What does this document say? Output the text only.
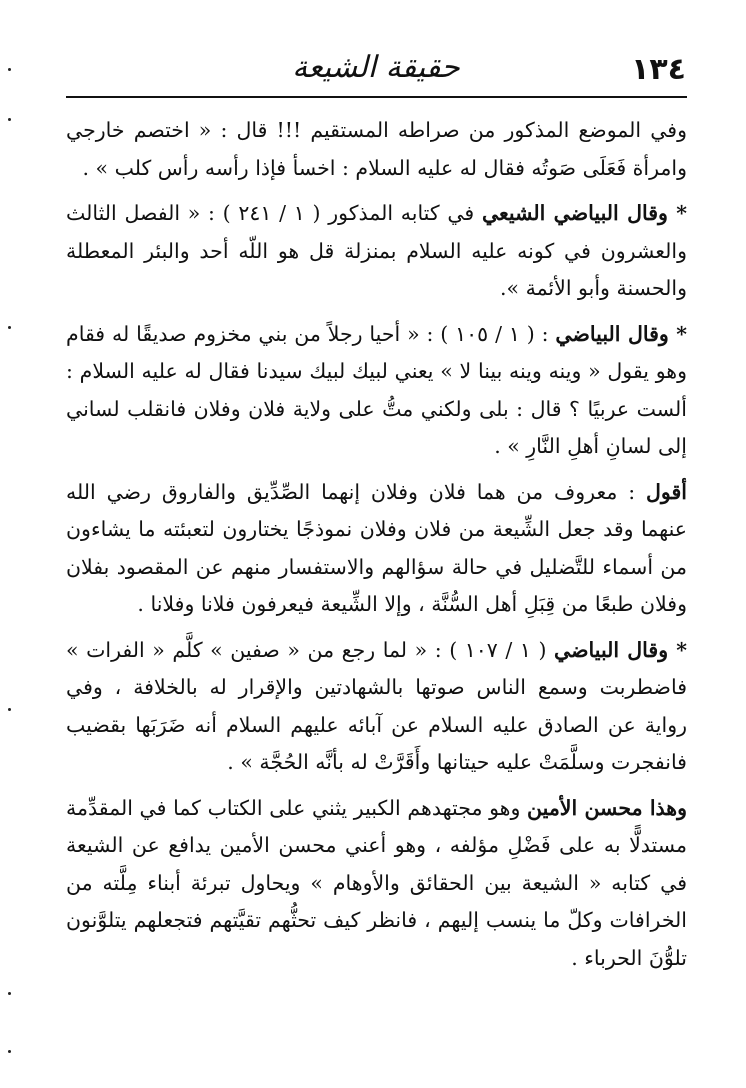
١٣٤
حقيقة الشيعة

وفي الموضع المذكور من صراطه المستقيم !!! قال : « اختصم خارجي وامرأة فَعَلَى صَوتُه فقال له عليه السلام : اخسأ فإذا رأسه رأس كلب » .

* وقال البياضي الشيعي في كتابه المذكور ( ١ / ٢٤١ ) : « الفصل الثالث والعشرون في كونه عليه السلام بمنزلة قل هو اللّه أحد والبئر المعطلة والحسنة وأبو الأئمة ».

* وقال البياضي : ( ١ / ١٠٥ ) : « أحيا رجلاً من بني مخزوم صديقًا له فقام وهو يقول « وينه وينه بينا لا » يعني لبيك لبيك سيدنا فقال له عليه السلام : ألست عربيًا ؟ قال : بلى ولكني متُّ على ولاية فلان وفلان فانقلب لساني إلى لسانِ أهلِ النَّارِ » .

أقول : معروف من هما فلان وفلان إنهما الصِّدِّيق والفاروق رضي الله عنهما وقد جعل الشِّيعة من فلان وفلان نموذجًا يختارون لتعبئته ما يشاءون من أسماء للتَّضليل في حالة سؤالهم والاستفسار منهم عن المقصود بفلان وفلان طبعًا من قِبَلِ أهل السُّنَّة ، وإلا الشِّيعة فيعرفون فلانا وفلانا .

* وقال البياضي ( ١ / ١٠٧ ) : « لما رجع من « صفين » كلَّم « الفرات » فاضطربت وسمع الناس صوتها بالشهادتين والإقرار له بالخلافة ، وفي رواية عن الصادق عليه السلام عن آبائه عليهم السلام أنه ضَرَبَها بقضيب فانفجرت وسلَّمَتْ عليه حيتانها وأَقَرَّتْ له بأنَّه الحُجَّة » .

وهذا محسن الأمين وهو مجتهدهم الكبير يثني على الكتاب كما في المقدِّمة مستدلًّا به على فَضْلِ مؤلفه ، وهو أعني محسن الأمين يدافع عن الشيعة في كتابه « الشيعة بين الحقائق والأوهام » ويحاول تبرئة أبناء مِلَّته من الخرافات وكلّ ما ينسب إليهم ، فانظر كيف تحثُّهم تقيَّتهم فتجعلهم يتلوَّنون تلوُّنَ الحرباء .
